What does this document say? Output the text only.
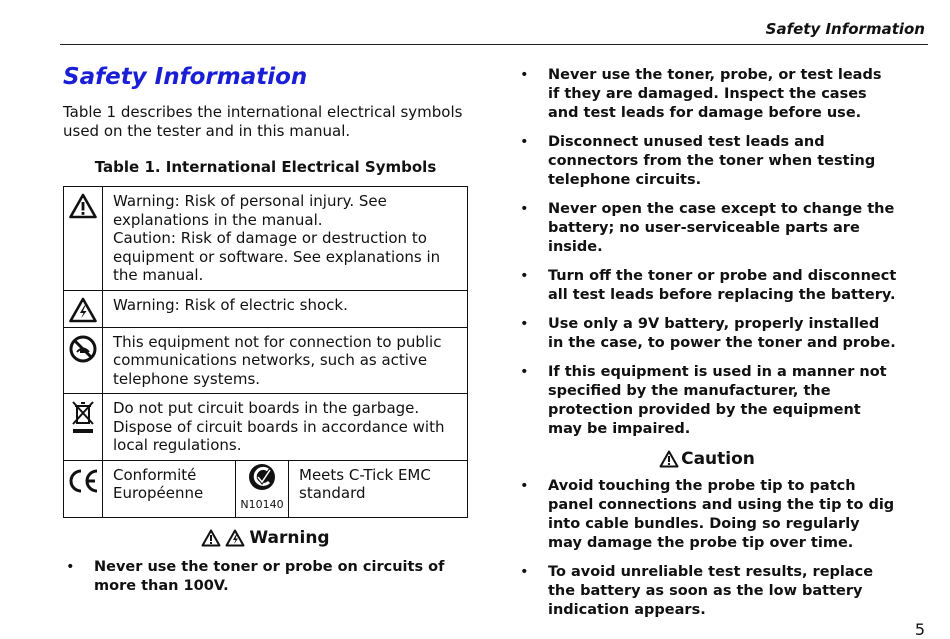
Safety Information
Safety Information
Table 1 describes the international electrical symbols used on the tester and in this manual.
Table 1. International Electrical Symbols

Warning: Risk of personal injury. See explanations in the manual.
Caution: Risk of damage or destruction to equipment or software. See explanations in the manual.		

	Warning: Risk of electric shock.		

	This equipment not for connection to public communications networks, such as active telephone systems.		

	Do not put circuit boards in the garbage. Dispose of circuit boards in accordance with local regulations.		

	Conformité Européenne	N10140	Meets C-Tick EMC standard
Warning
• Never use the toner or probe on circuits of more than 100V.
• Never use the toner, probe, or test leads if they are damaged. Inspect the cases and test leads for damage before use.
• Disconnect unused test leads and connectors from the toner when testing telephone circuits.
• Never open the case except to change the battery; no user-serviceable parts are inside.
• Turn off the toner or probe and disconnect all test leads before replacing the battery.
• Use only a 9V battery, properly installed in the case, to power the toner and probe.
• If this equipment is used in a manner not specified by the manufacturer, the protection provided by the equipment may be impaired.
Caution
• Avoid touching the probe tip to patch panel connections and using the tip to dig into cable bundles. Doing so regularly may damage the probe tip over time.
• To avoid unreliable test results, replace the battery as soon as the low battery indication appears.
5
